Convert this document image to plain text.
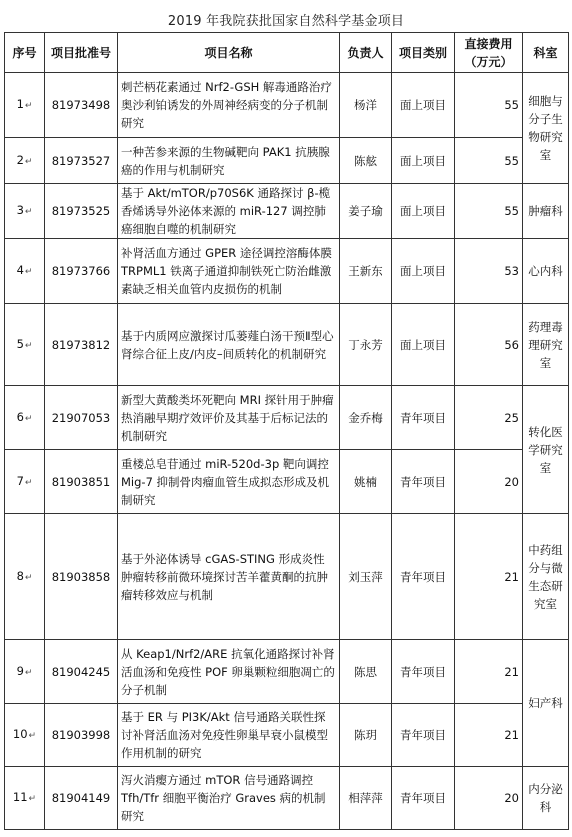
2019 年我院获批国家自然科学基金项目
序号	项目批准号	项目名称	负责人	项目类别	直接费用（万元）	科室
1↵	81973498	刺芒柄花素通过 Nrf2-GSH 解毒通路治疗奥沙利铂诱发的外周神经病变的分子机制研究	杨洋	面上项目	55	细胞与分子生物研究室
2↵	81973527	一种苦参来源的生物碱靶向 PAK1 抗胰腺癌的作用与机制研究	陈舷	面上项目	55	
3↵	81973525	基于 Akt/mTOR/p70S6K 通路探讨 β-榄香烯诱导外泌体来源的 miR-127 调控肺癌细胞自噬的机制研究	姜子瑜	面上项目	55	肿瘤科
4↵	81973766	补肾活血方通过 GPER 途径调控溶酶体膜 TRPML1 铁离子通道抑制铁死亡防治雌激素缺乏相关血管内皮损伤的机制	王新东	面上项目	53	心内科
5↵	81973812	基于内质网应激探讨瓜蒌薤白汤干预Ⅱ型心肾综合征上皮/内皮–间质转化的机制研究	丁永芳	面上项目	56	药理毒理研究室
6↵	21907053	新型大黄酸类坏死靶向 MRI 探针用于肿瘤热消融早期疗效评价及其基于后标记法的机制研究	金乔梅	青年项目	25	转化医学研究室
7↵	81903851	重楼总皂苷通过 miR-520d-3p 靶向调控 Mig-7 抑制骨肉瘤血管生成拟态形成及机制研究	姚楠	青年项目	20	
8↵	81903858	基于外泌体诱导 cGAS-STING 形成炎性肿瘤转移前微环境探讨苦羊藿黄酮的抗肿瘤转移效应与机制	刘玉萍	青年项目	21	中药组分与微生态研究室
9↵	81904245	从 Keap1/Nrf2/ARE 抗氧化通路探讨补肾活血汤和免疫性 POF 卵巢颗粒细胞凋亡的分子机制	陈思	青年项目	21	妇产科
10↵	81903998	基于 ER 与 PI3K/Akt 信号通路关联性探讨补肾活血汤对免疫性卵巢早衰小鼠模型作用机制的研究	陈玥	青年项目	21	
11↵	81904149	泻火消瘿方通过 mTOR 信号通路调控 Tfh/Tfr 细胞平衡治疗 Graves 病的机制研究	相萍萍	青年项目	20	内分泌科
